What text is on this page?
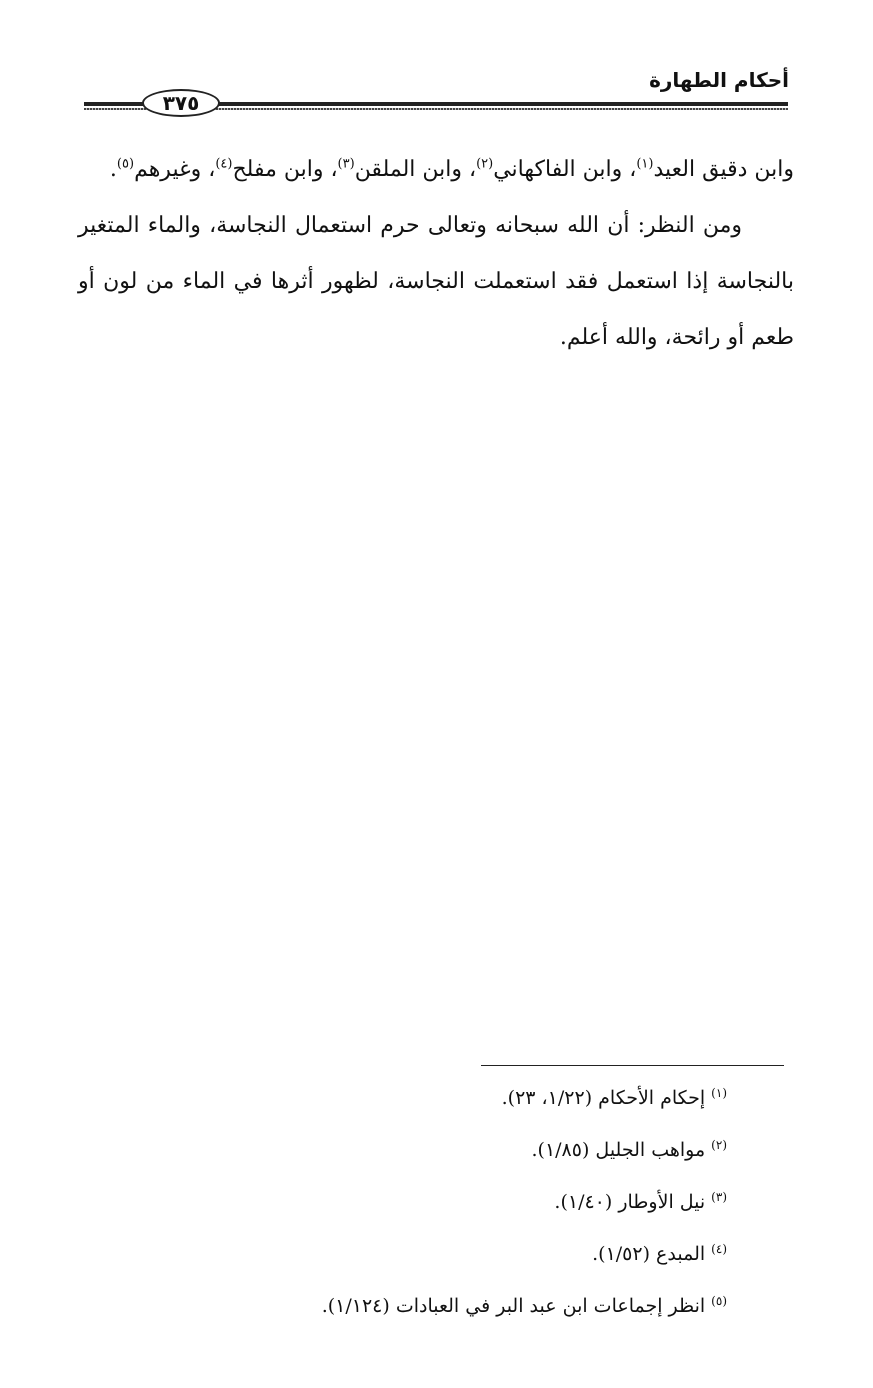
أحكام الطهارة
٣٧٥

وابن دقيق العيد$^{(١)}$، وابن الفاكهاني$^{(٢)}$، وابن الملقن$^{(٣)}$، وابن مفلح$^{(٤)}$، وغيرهم$^{(٥)}$.

ومن النظر: أن الله سبحانه وتعالى حرم استعمال النجاسة، والماء المتغير بالنجاسة إذا استعمل فقد استعملت النجاسة، لظهور أثرها في الماء من لون أو طعم أو رائحة، والله أعلم.

$^{(١)}$إحكام الأحكام (١/٢٢، ٢٣).
$^{(٢)}$مواهب الجليل (١/٨٥).
$^{(٣)}$نيل الأوطار (١/٤٠).
$^{(٤)}$المبدع (١/٥٢).
$^{(٥)}$انظر إجماعات ابن عبد البر في العبادات (١/١٢٤).
